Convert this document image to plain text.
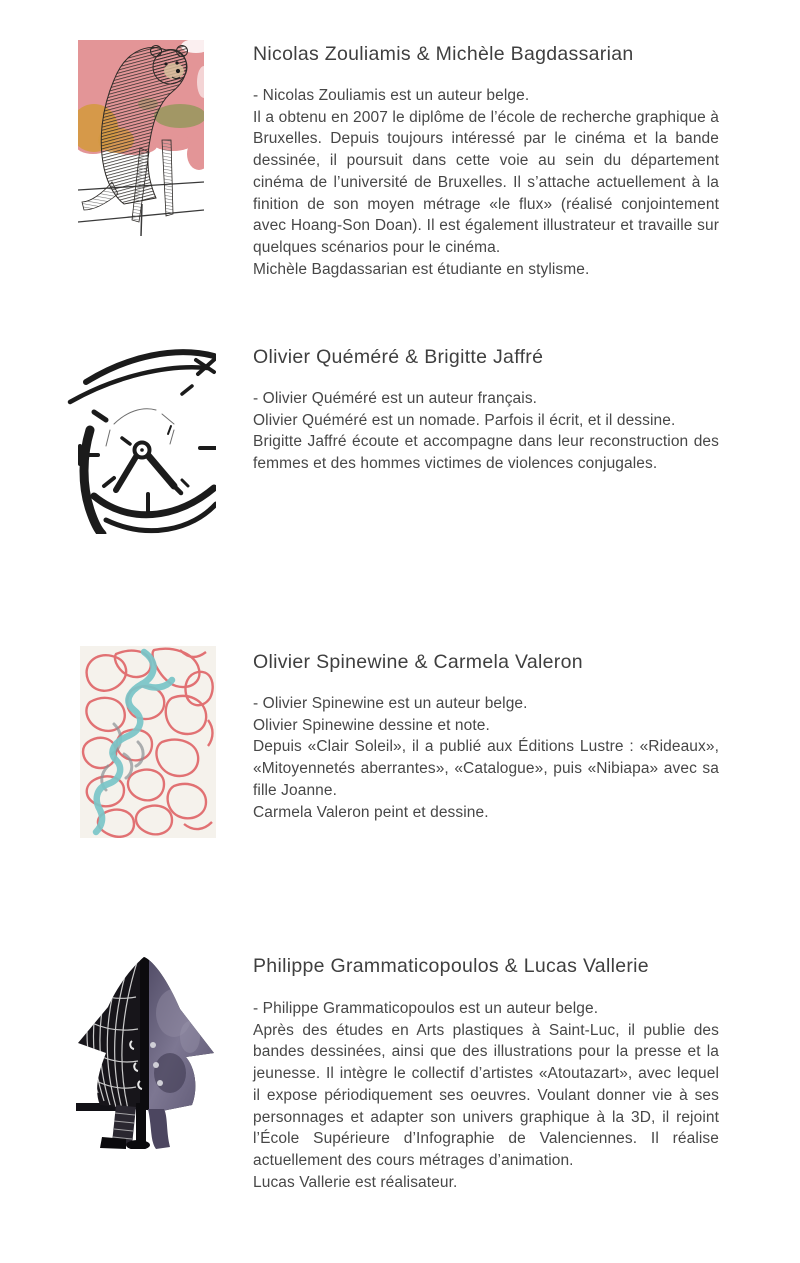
Nicolas Zouliamis & Michèle Bagdassarian

- Nicolas Zouliamis est un auteur belge.

Il a obtenu en 2007 le diplôme de l’école de recherche graphique à Bruxelles. Depuis toujours intéressé par le cinéma et la bande dessinée, il poursuit dans cette voie au sein du département cinéma de l’université de Bruxelles. Il s’attache actuellement à la finition de son moyen métrage «le flux» (réalisé conjointement avec Hoang-Son Doan). Il est également illustrateur et travaille sur quelques scénarios pour le cinéma.

Michèle Bagdassarian est étudiante en stylisme.

Olivier Quéméré & Brigitte Jaffré

- Olivier Quéméré est un auteur français.

Olivier Quéméré est un nomade. Parfois il écrit, et il dessine.

Brigitte Jaffré écoute et accompagne dans leur reconstruction des femmes et des hommes victimes de violences conjugales.

Olivier Spinewine & Carmela Valeron

- Olivier Spinewine est un auteur belge.

Olivier Spinewine dessine et note.

Depuis «Clair Soleil», il a publié aux Éditions Lustre : «Rideaux», «Mitoyennetés aberrantes», «Catalogue», puis «Nibiapa» avec sa fille Joanne.

Carmela Valeron peint et dessine.

Philippe Grammaticopoulos & Lucas Vallerie

- Philippe Grammaticopoulos est un auteur belge.

Après des études en Arts plastiques à Saint-Luc, il publie des bandes dessinées, ainsi que des illustrations pour la presse et la jeunesse. Il intègre le collectif d’artistes «Atoutazart», avec lequel il expose périodiquement ses oeuvres. Voulant donner vie à ses personnages et adapter son univers graphique à la 3D, il rejoint l’École Supérieure d’Infographie de Valenciennes. Il réalise actuellement des cours métrages d’animation.

Lucas Vallerie est réalisateur.
